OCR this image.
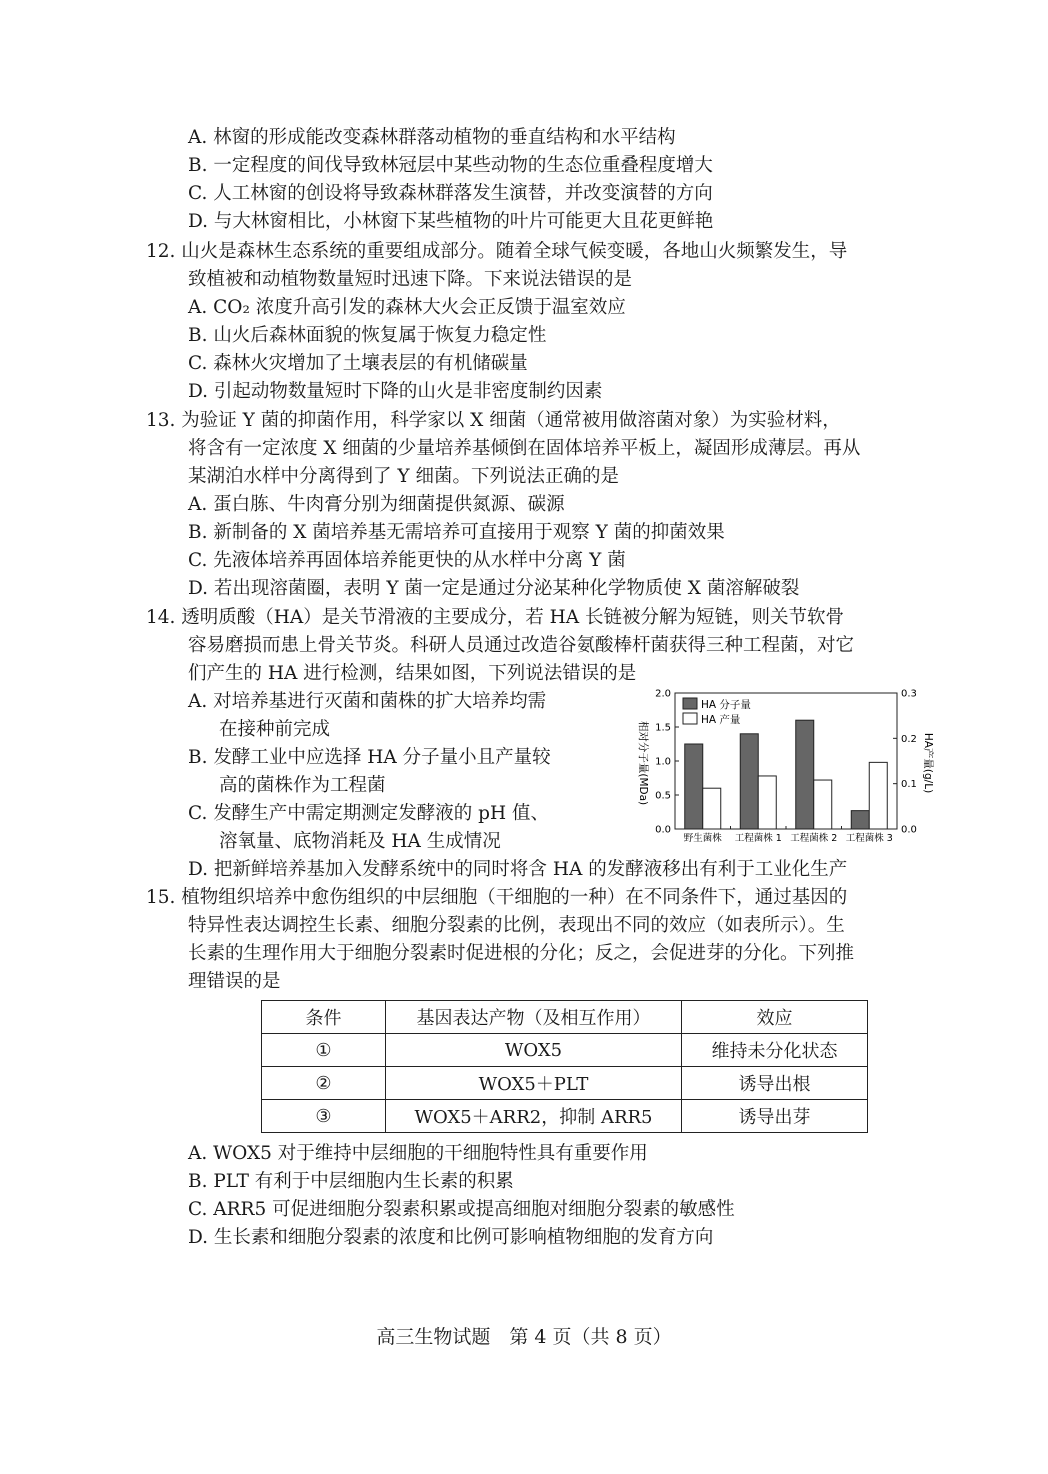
A. 林窗的形成能改变森林群落动植物的垂直结构和水平结构
B. 一定程度的间伐导致林冠层中某些动物的生态位重叠程度增大
C. 人工林窗的创设将导致森林群落发生演替，并改变演替的方向
D. 与大林窗相比，小林窗下某些植物的叶片可能更大且花更鲜艳
12. 山火是森林生态系统的重要组成部分。随着全球气候变暖，各地山火频繁发生，导
致植被和动植物数量短时迅速下降。下来说法错误的是
A. CO₂ 浓度升高引发的森林大火会正反馈于温室效应
B. 山火后森林面貌的恢复属于恢复力稳定性
C. 森林火灾增加了土壤表层的有机储碳量
D. 引起动物数量短时下降的山火是非密度制约因素
13. 为验证 Y 菌的抑菌作用，科学家以 X 细菌（通常被用做溶菌对象）为实验材料，
将含有一定浓度 X 细菌的少量培养基倾倒在固体培养平板上，凝固形成薄层。再从
某湖泊水样中分离得到了 Y 细菌。下列说法正确的是
A. 蛋白胨、牛肉膏分别为细菌提供氮源、碳源
B. 新制备的 X 菌培养基无需培养可直接用于观察 Y 菌的抑菌效果
C. 先液体培养再固体培养能更快的从水样中分离 Y 菌
D. 若出现溶菌圈，表明 Y 菌一定是通过分泌某种化学物质使 X 菌溶解破裂
14. 透明质酸（HA）是关节滑液的主要成分，若 HA 长链被分解为短链，则关节软骨
容易磨损而患上骨关节炎。科研人员通过改造谷氨酸棒杆菌获得三种工程菌，对它
们产生的 HA 进行检测，结果如图，下列说法错误的是
A. 对培养基进行灭菌和菌株的扩大培养均需
在接种前完成
B. 发酵工业中应选择 HA 分子量小且产量较
高的菌株作为工程菌
C. 发酵生产中需定期测定发酵液的 pH 值、
溶氧量、底物消耗及 HA 生成情况
D. 把新鲜培养基加入发酵系统中的同时将含 HA 的发酵液移出有利于工业化生产
0.0
0.5
1.0
1.5
2.0
0.0
0.1
0.2
0.3
野生菌株 工程菌株 1 工程菌株 2 工程菌株 3
HA 分子量
HA 产量
相对分子量(MDa)	HA产量(g/L)
15. 植物组织培养中愈伤组织的中层细胞（干细胞的一种）在不同条件下，通过基因的
特异性表达调控生长素、细胞分裂素的比例，表现出不同的效应（如表所示）。生
长素的生理作用大于细胞分裂素时促进根的分化；反之，会促进芽的分化。下列推
理错误的是
条件	基因表达产物（及相互作用）	效应
①	WOX5	维持未分化状态
②	WOX5＋PLT	诱导出根
③	WOX5＋ARR2，抑制 ARR5	诱导出芽
A. WOX5 对于维持中层细胞的干细胞特性具有重要作用
B. PLT 有利于中层细胞内生长素的积累
C. ARR5 可促进细胞分裂素积累或提高细胞对细胞分裂素的敏感性
D. 生长素和细胞分裂素的浓度和比例可影响植物细胞的发育方向
高三生物试题　第 4 页（共 8 页）
